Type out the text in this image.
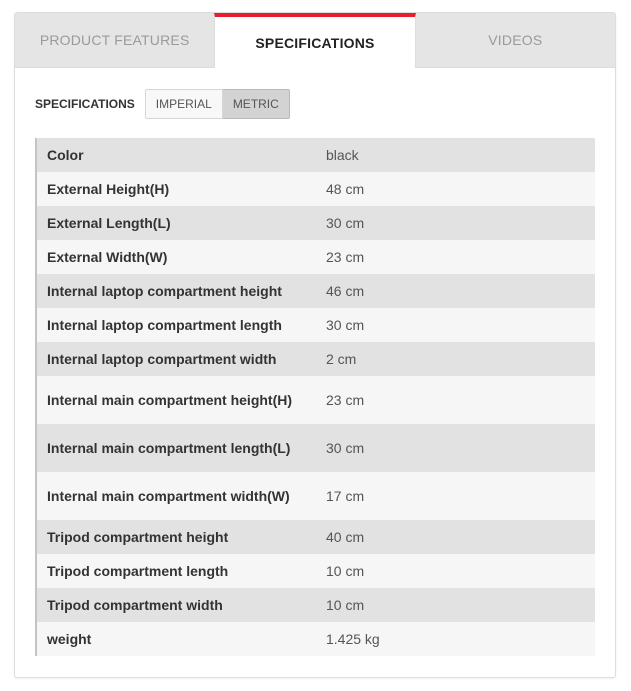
PRODUCT FEATURES	SPECIFICATIONS	VIDEOS
SPECIFICATIONS	IMPERIAL	METRIC
Color	black
External Height(H)	48 cm
External Length(L)	30 cm
External Width(W)	23 cm
Internal laptop compartment height	46 cm
Internal laptop compartment length	30 cm
Internal laptop compartment width	2 cm
Internal main compartment height(H)	23 cm
Internal main compartment length(L)	30 cm
Internal main compartment width(W)	17 cm
Tripod compartment height	40 cm
Tripod compartment length	10 cm
Tripod compartment width	10 cm
weight	1.425 kg
